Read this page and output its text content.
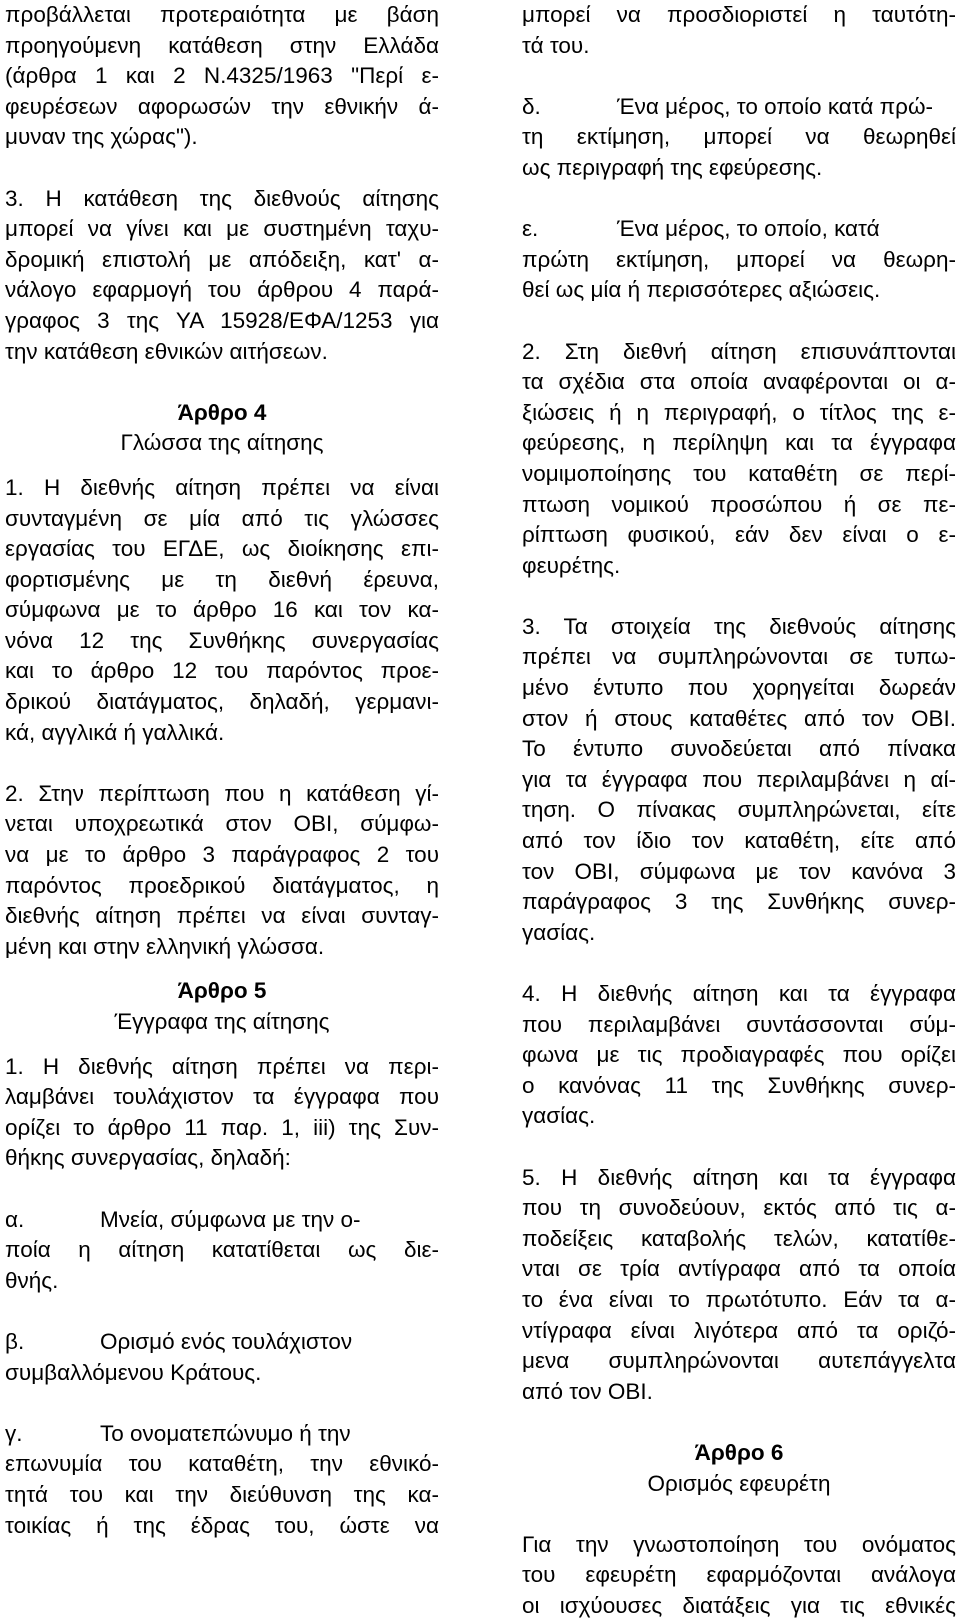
προβάλλεται προτεραιότητα με βάση
προηγούμενη κατάθεση στην Ελλάδα
(άρθρα 1 και 2 Ν.4325/1963 "Περί ε-
φευρέσεων αφορωσών την εθνικήν ά-
μυναν της χώρας").
3. Η κατάθεση της διεθνούς αίτησης
μπορεί να γίνει και με συστημένη ταχυ-
δρομική επιστολή με απόδειξη, κατ' α-
νάλογο εφαρμογή του άρθρου 4 παρά-
γραφος 3 της ΥΑ 15928/ΕΦΑ/1253 για
την κατάθεση εθνικών αιτήσεων.
Άρθρο 4
Γλώσσα της αίτησης
1. Η διεθνής αίτηση πρέπει να είναι
συνταγμένη σε μία από τις γλώσσες
εργασίας του ΕΓΔΕ, ως διοίκησης επι-
φορτισμένης με τη διεθνή έρευνα,
σύμφωνα με το άρθρο 16 και τον κα-
νόνα 12 της Συνθήκης συνεργασίας
και το άρθρο 12 του παρόντος προε-
δρικού διατάγματος, δηλαδή, γερμανι-
κά, αγγλικά ή γαλλικά.
2. Στην περίπτωση που η κατάθεση γί-
νεται υποχρεωτικά στον ΟΒΙ, σύμφω-
να με το άρθρο 3 παράγραφος 2 του
παρόντος προεδρικού διατάγματος, η
διεθνής αίτηση πρέπει να είναι συνταγ-
μένη και στην ελληνική γλώσσα.
Άρθρο 5
Έγγραφα της αίτησης
1. Η διεθνής αίτηση πρέπει να περι-
λαμβάνει τουλάχιστον τα έγγραφα που
ορίζει το άρθρο 11 παρ. 1, iii) της Συν-
θήκης συνεργασίας, δηλαδή:
α.	Μνεία, σύμφωνα με την ο-
ποία η αίτηση κατατίθεται ως διε-
θνής.
β.	Ορισμό ενός τουλάχιστον
συμβαλλόμενου Κράτους.
γ.	Το ονοματεπώνυμο ή την
επωνυμία του καταθέτη, την εθνικό-
τητά του και την διεύθυνση της κα-
τοικίας ή της έδρας του, ώστε να
μπορεί να προσδιοριστεί η ταυτότη-
τά του.
δ.	Ένα μέρος, το οποίο κατά πρώ-
τη εκτίμηση, μπορεί να θεωρηθεί
ως περιγραφή της εφεύρεσης.
ε.	Ένα μέρος, το οποίο, κατά
πρώτη εκτίμηση, μπορεί να θεωρη-
θεί ως μία ή περισσότερες αξιώσεις.
2. Στη διεθνή αίτηση επισυνάπτονται
τα σχέδια στα οποία αναφέρονται οι α-
ξιώσεις ή η περιγραφή, ο τίτλος της ε-
φεύρεσης, η περίληψη και τα έγγραφα
νομιμοποίησης του καταθέτη σε περί-
πτωση νομικού προσώπου ή σε πε-
ρίπτωση φυσικού, εάν δεν είναι ο ε-
φευρέτης.
3. Τα στοιχεία της διεθνούς αίτησης
πρέπει να συμπληρώνονται σε τυπω-
μένο έντυπο που χορηγείται δωρεάν
στον ή στους καταθέτες από τον ΟΒΙ.
Το έντυπο συνοδεύεται από πίνακα
για τα έγγραφα που περιλαμβάνει η αί-
τηση. Ο πίνακας συμπληρώνεται, είτε
από τον ίδιο τον καταθέτη, είτε από
τον ΟΒΙ, σύμφωνα με τον κανόνα 3
παράγραφος 3 της Συνθήκης συνερ-
γασίας.
4. Η διεθνής αίτηση και τα έγγραφα
που περιλαμβάνει συντάσσονται σύμ-
φωνα με τις προδιαγραφές που ορίζει
ο κανόνας 11 της Συνθήκης συνερ-
γασίας.
5. Η διεθνής αίτηση και τα έγγραφα
που τη συνοδεύουν, εκτός από τις α-
ποδείξεις καταβολής τελών, κατατίθε-
νται σε τρία αντίγραφα από τα οποία
το ένα είναι το πρωτότυπο. Εάν τα α-
ντίγραφα είναι λιγότερα από τα οριζό-
μενα συμπληρώνονται αυτεπάγγελτα
από τον ΟΒΙ.
Άρθρο 6
Ορισμός εφευρέτη
Για την γνωστοποίηση του ονόματος
του εφευρέτη εφαρμόζονται ανάλογα
οι ισχύουσες διατάξεις για τις εθνικές
